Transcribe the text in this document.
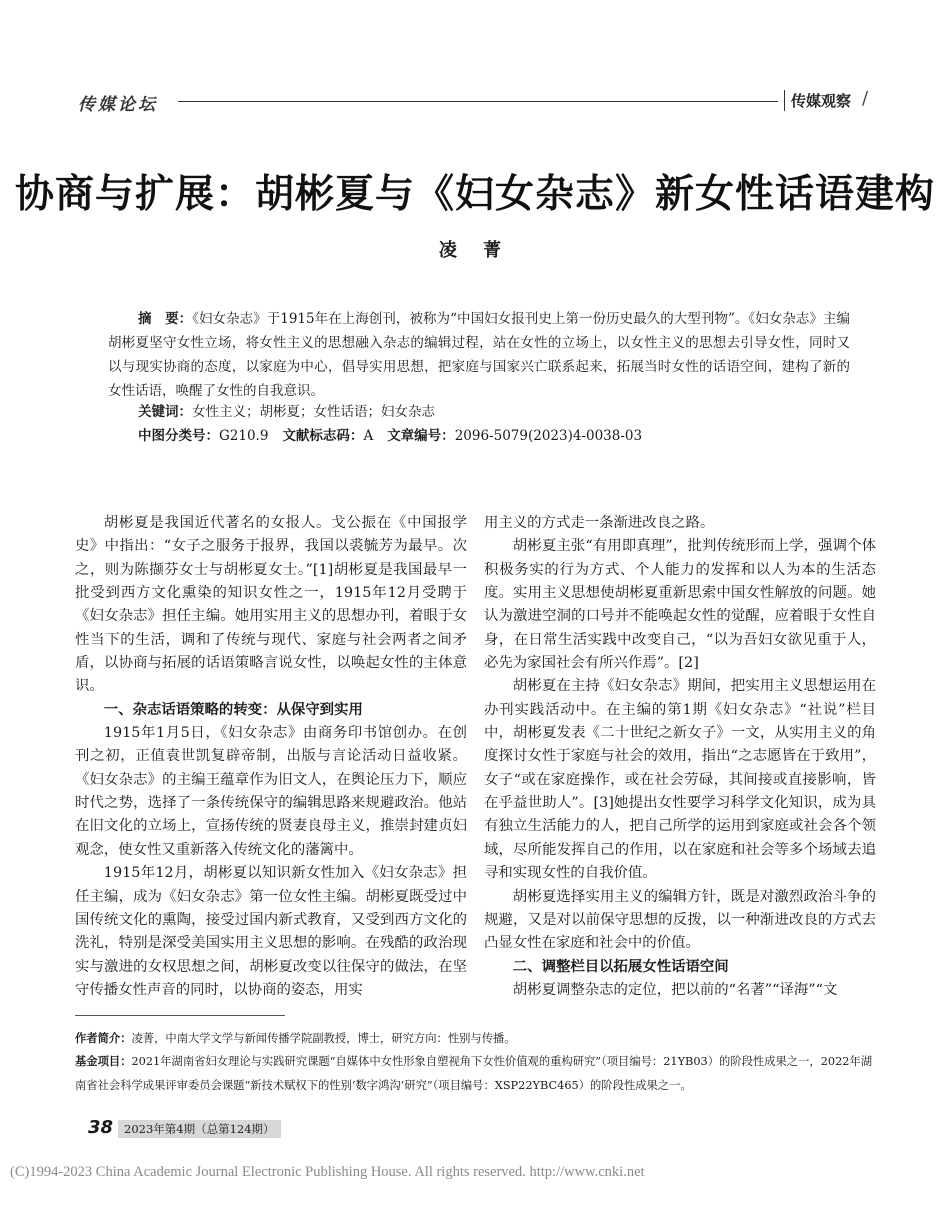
传媒论坛	传媒观察 /
协商与扩展：胡彬夏与《妇女杂志》新女性话语建构
凌 菁
摘　要：《妇女杂志》于1915年在上海创刊，被称为“中国妇女报刊史上第一份历史最久的大型刊物”。《妇女杂志》主编胡彬夏坚守女性立场，将女性主义的思想融入杂志的编辑过程，站在女性的立场上，以女性主义的思想去引导女性，同时又以与现实协商的态度，以家庭为中心，倡导实用思想，把家庭与国家兴亡联系起来，拓展当时女性的话语空间，建构了新的女性话语，唤醒了女性的自我意识。
关键词：女性主义；胡彬夏；女性话语；妇女杂志
中图分类号：G210.9 文献标志码：A 文章编号：2096-5079(2023)4-0038-03

胡彬夏是我国近代著名的女报人。戈公振在《中国报学史》中指出：“女子之服务于报界，我国以裘毓芳为最早。次之，则为陈撷芬女士与胡彬夏女士。”[1]胡彬夏是我国最早一批受到西方文化熏染的知识女性之一，1915年12月受聘于《妇女杂志》担任主编。她用实用主义的思想办刊，着眼于女性当下的生活，调和了传统与现代、家庭与社会两者之间矛盾，以协商与拓展的话语策略言说女性，以唤起女性的主体意识。

一、杂志话语策略的转变：从保守到实用

1915年1月5日，《妇女杂志》由商务印书馆创办。在创刊之初，正值袁世凯复辟帝制，出版与言论活动日益收紧。《妇女杂志》的主编王蕴章作为旧文人，在舆论压力下，顺应时代之势，选择了一条传统保守的编辑思路来规避政治。他站在旧文化的立场上，宣扬传统的贤妻良母主义，推崇封建贞妇观念，使女性又重新落入传统文化的藩篱中。

1915年12月，胡彬夏以知识新女性加入《妇女杂志》担任主编，成为《妇女杂志》第一位女性主编。胡彬夏既受过中国传统文化的熏陶，接受过国内新式教育，又受到西方文化的洗礼，特别是深受美国实用主义思想的影响。在残酷的政治现实与激进的女权思想之间，胡彬夏改变以往保守的做法，在坚守传播女性声音的同时，以协商的姿态，用实

用主义的方式走一条渐进改良之路。

胡彬夏主张“有用即真理”，批判传统形而上学，强调个体积极务实的行为方式、个人能力的发挥和以人为本的生活态度。实用主义思想使胡彬夏重新思索中国女性解放的问题。她认为激进空洞的口号并不能唤起女性的觉醒，应着眼于女性自身，在日常生活实践中改变自己，“以为吾妇女欲见重于人，必先为家国社会有所兴作焉”。[2]

胡彬夏在主持《妇女杂志》期间，把实用主义思想运用在办刊实践活动中。在主编的第1期《妇女杂志》“社说”栏目中，胡彬夏发表《二十世纪之新女子》一文，从实用主义的角度探讨女性于家庭与社会的效用，指出“之志愿皆在于致用”，女子“或在家庭操作，或在社会劳碌，其间接或直接影响，皆在乎益世助人”。[3]她提出女性要学习科学文化知识，成为具有独立生活能力的人，把自己所学的运用到家庭或社会各个领域，尽所能发挥自己的作用，以在家庭和社会等多个场域去追寻和实现女性的自我价值。

胡彬夏选择实用主义的编辑方针，既是对激烈政治斗争的规避，又是对以前保守思想的反拨，以一种渐进改良的方式去凸显女性在家庭和社会中的价值。

二、调整栏目以拓展女性话语空间

胡彬夏调整杂志的定位，把以前的“名著”“译海”“文

作者简介：凌菁，中南大学文学与新闻传播学院副教授，博士，研究方向：性别与传播。
基金项目：2021年湖南省妇女理论与实践研究课题“自媒体中女性形象自塑视角下女性价值观的重构研究”（项目编号：21YB03）的阶段性成果之一，2022年湖南省社会科学成果评审委员会课题“新技术赋权下的性别‘数字鸿沟’研究”（项目编号：XSP22YBC465）的阶段性成果之一。
38 2023年第4期（总第124期）
(C)1994-2023 China Academic Journal Electronic Publishing House. All rights reserved. http://www.cnki.net
